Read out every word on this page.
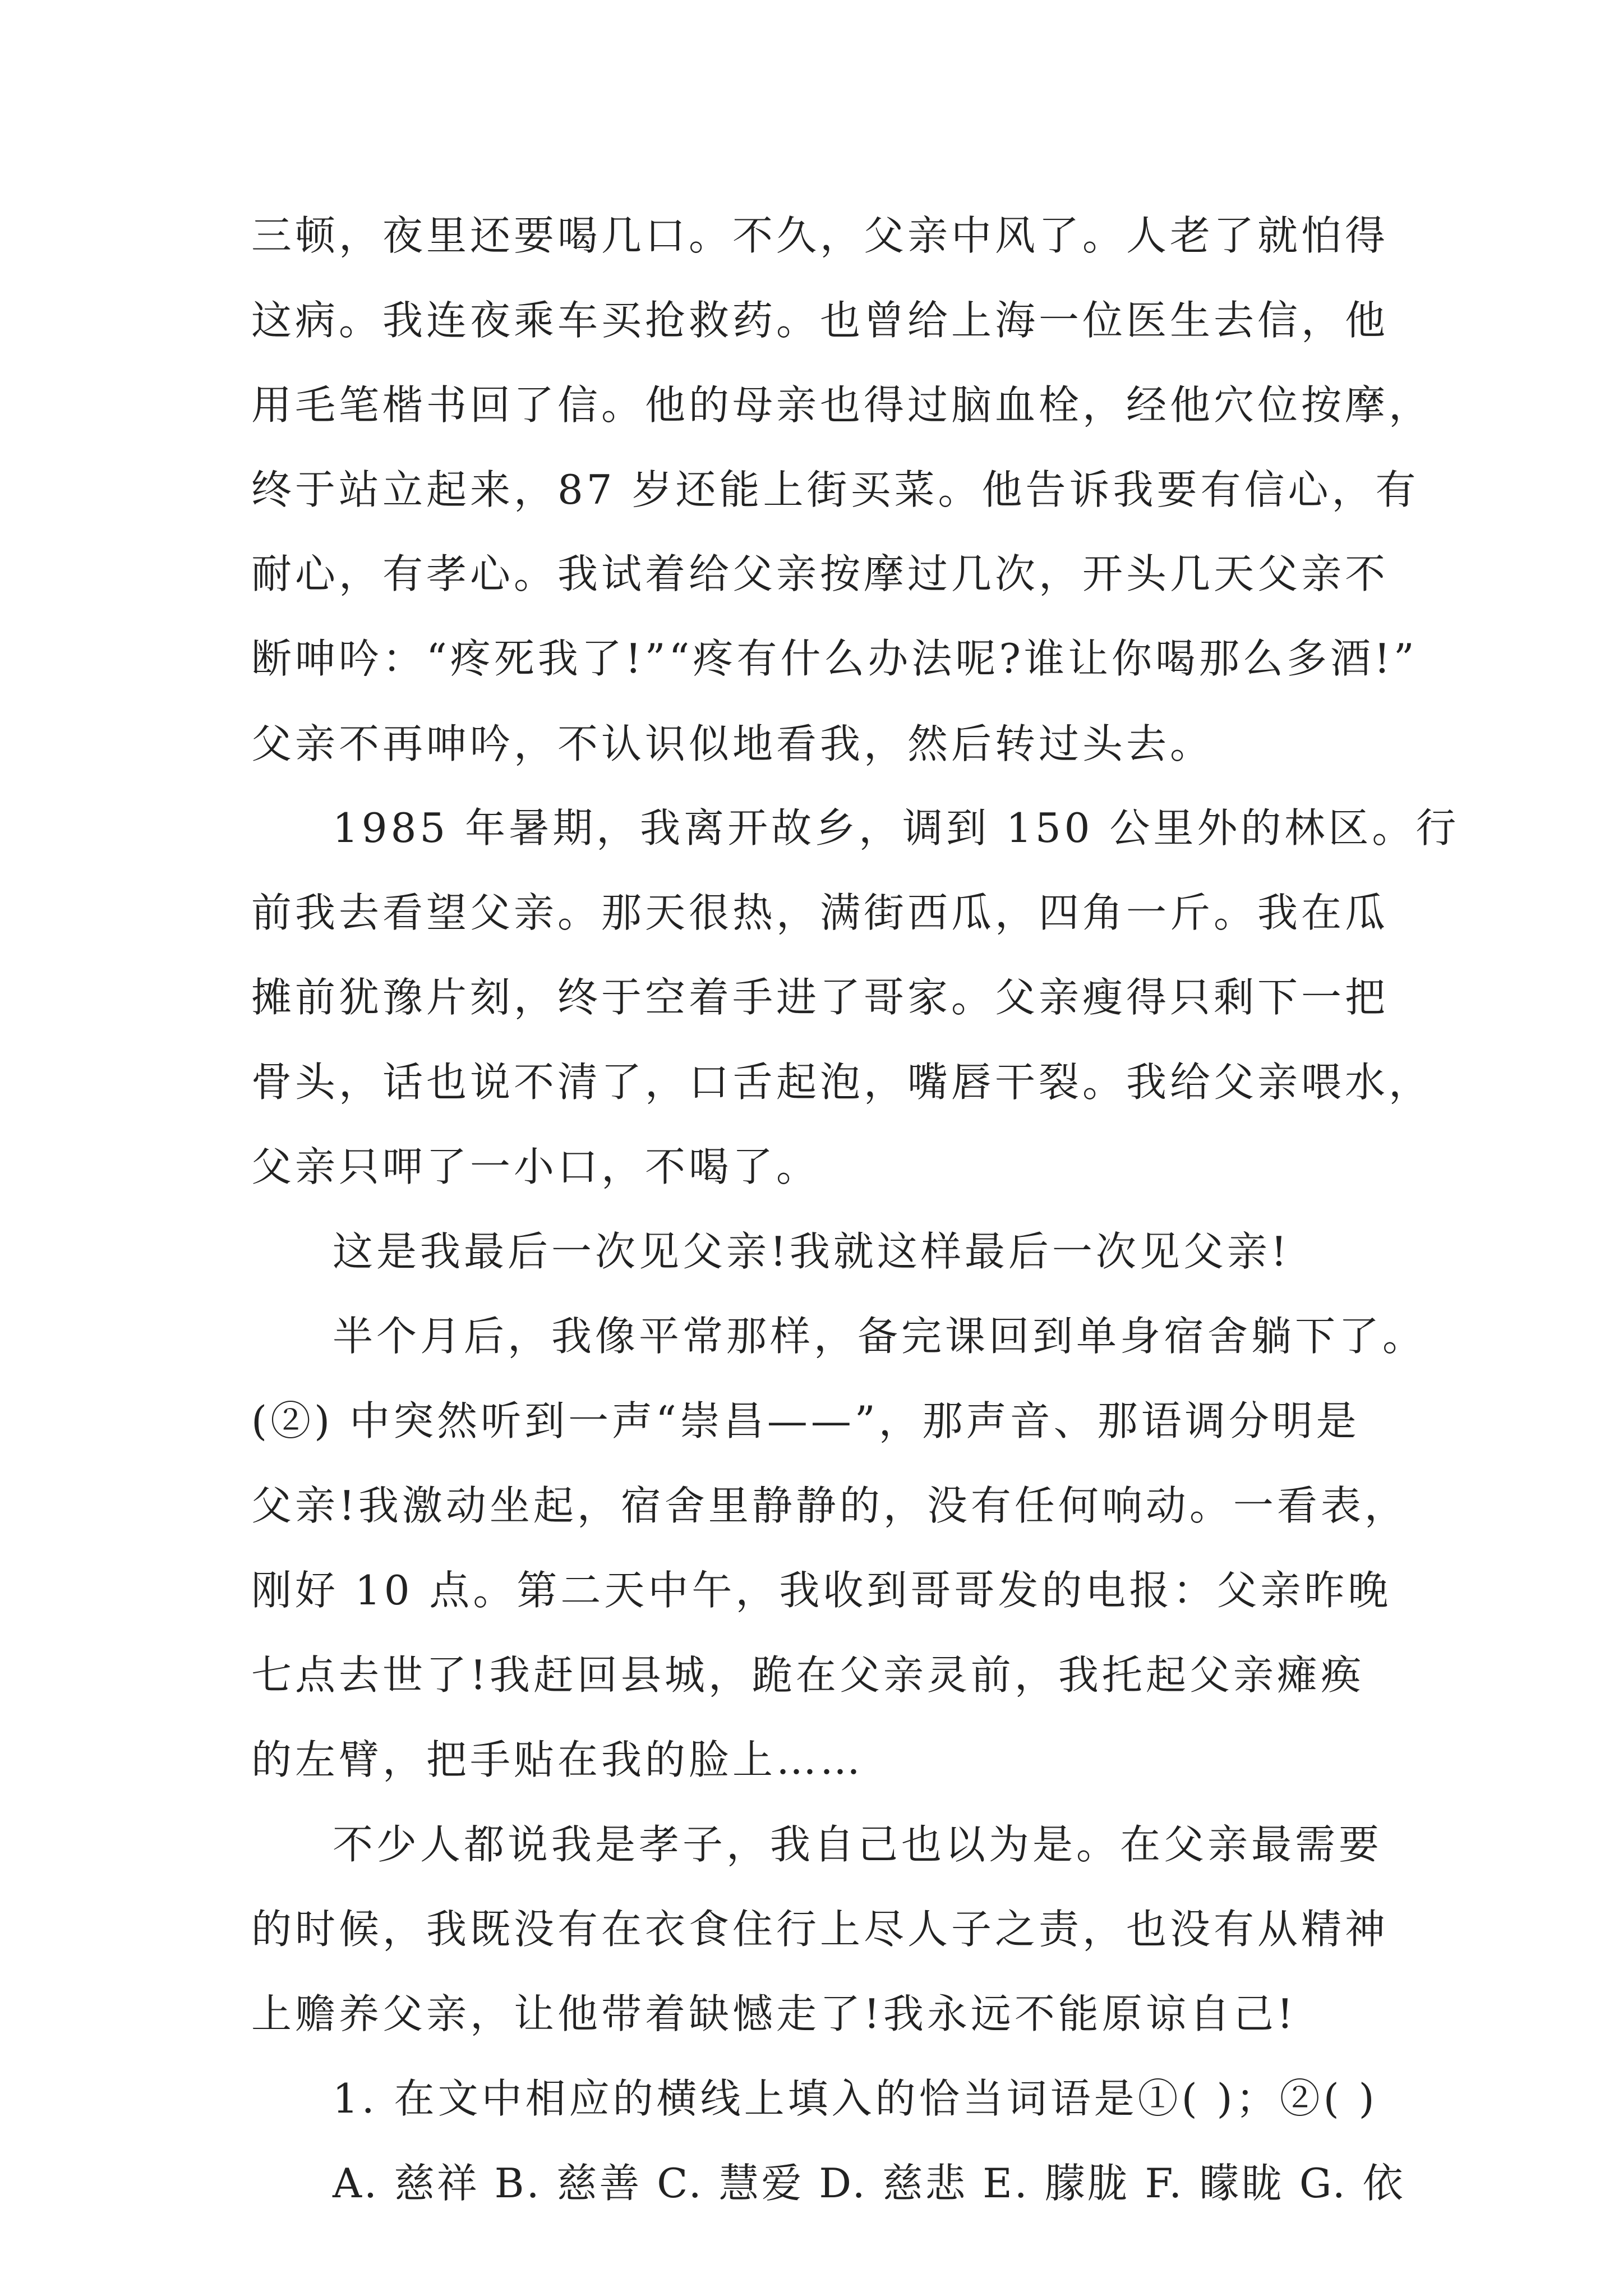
三顿，夜里还要喝几口。不久，父亲中风了。人老了就怕得
这病。我连夜乘车买抢救药。也曾给上海一位医生去信，他
用毛笔楷书回了信。他的母亲也得过脑血栓，经他穴位按摩，
终于站立起来，87 岁还能上街买菜。他告诉我要有信心，有
耐心，有孝心。我试着给父亲按摩过几次，开头几天父亲不
断呻吟：“疼死我了!”“疼有什么办法呢?谁让你喝那么多酒!”
父亲不再呻吟，不认识似地看我，然后转过头去。
1985 年暑期，我离开故乡，调到 150 公里外的林区。行
前我去看望父亲。那天很热，满街西瓜，四角一斤。我在瓜
摊前犹豫片刻，终于空着手进了哥家。父亲瘦得只剩下一把
骨头，话也说不清了，口舌起泡，嘴唇干裂。我给父亲喂水，
父亲只呷了一小口，不喝了。
这是我最后一次见父亲!我就这样最后一次见父亲!
半个月后，我像平常那样，备完课回到单身宿舍躺下了。
(②) 中突然听到一声“崇昌——”，那声音、那语调分明是
父亲!我激动坐起，宿舍里静静的，没有任何响动。一看表，
刚好 10 点。第二天中午，我收到哥哥发的电报：父亲昨晚
七点去世了!我赶回县城，跪在父亲灵前，我托起父亲瘫痪
的左臂，把手贴在我的脸上……
不少人都说我是孝子，我自己也以为是。在父亲最需要
的时候，我既没有在衣食住行上尽人子之责，也没有从精神
上赡养父亲，让他带着缺憾走了!我永远不能原谅自己!
1. 在文中相应的横线上填入的恰当词语是①( )；②( )
A. 慈祥 B. 慈善 C. 慧爱 D. 慈悲 E. 朦胧 F. 矇眬 G. 依
